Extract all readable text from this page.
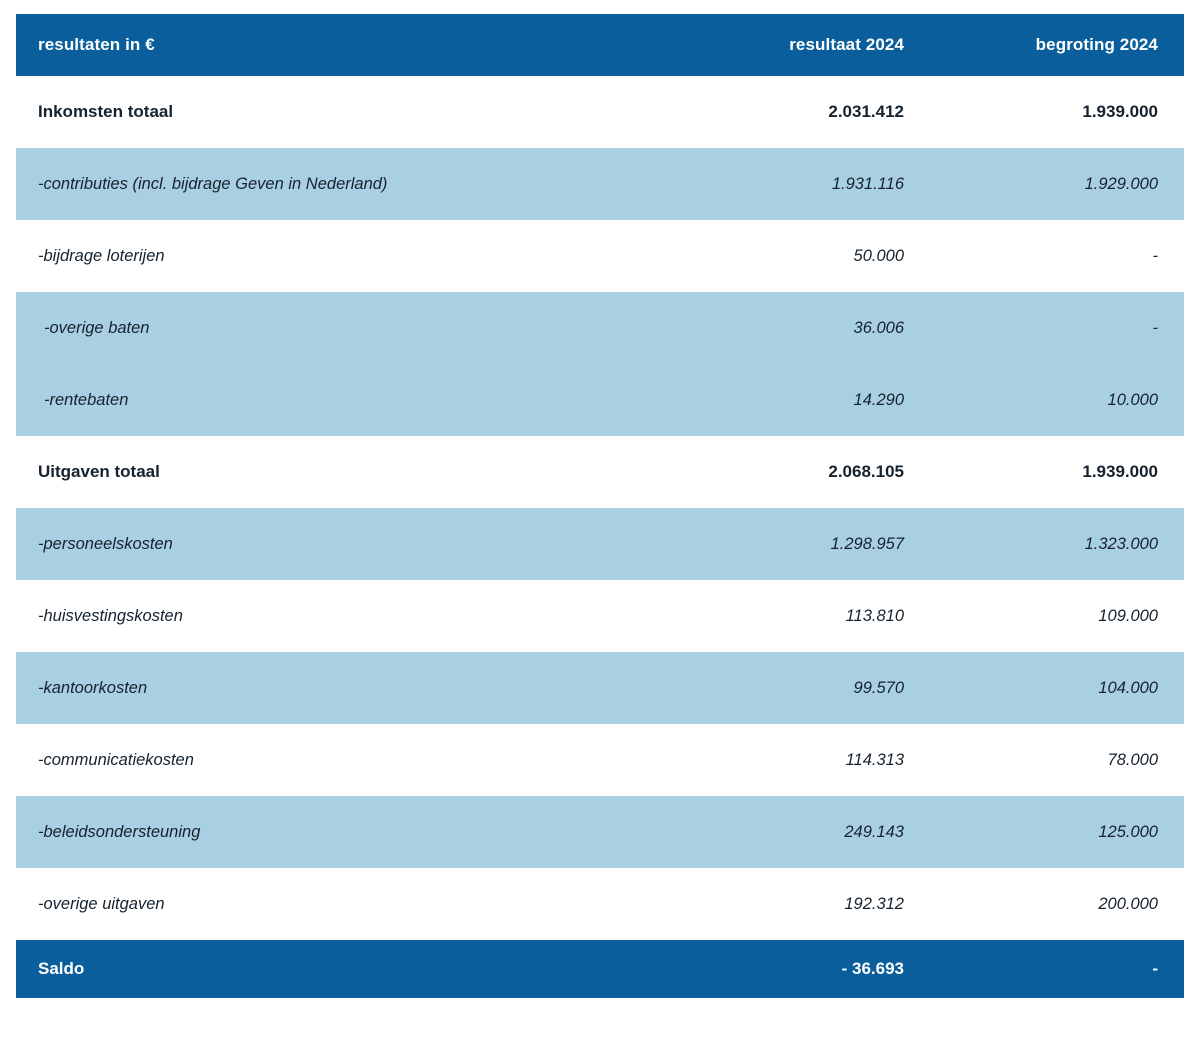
resultaten in €	resultaat 2024	begroting 2024
Inkomsten totaal	2.031.412	1.939.000
-contributies (incl. bijdrage Geven in Nederland)	1.931.116	1.929.000
-bijdrage loterijen	50.000	-
-overige baten	36.006	-
-rentebaten	14.290	10.000
Uitgaven totaal	2.068.105	1.939.000
-personeelskosten	1.298.957	1.323.000
-huisvestingskosten	113.810	109.000
-kantoorkosten	99.570	104.000
-communicatiekosten	114.313	78.000
-beleidsondersteuning	249.143	125.000
-overige uitgaven	192.312	200.000
Saldo	- 36.693	-
